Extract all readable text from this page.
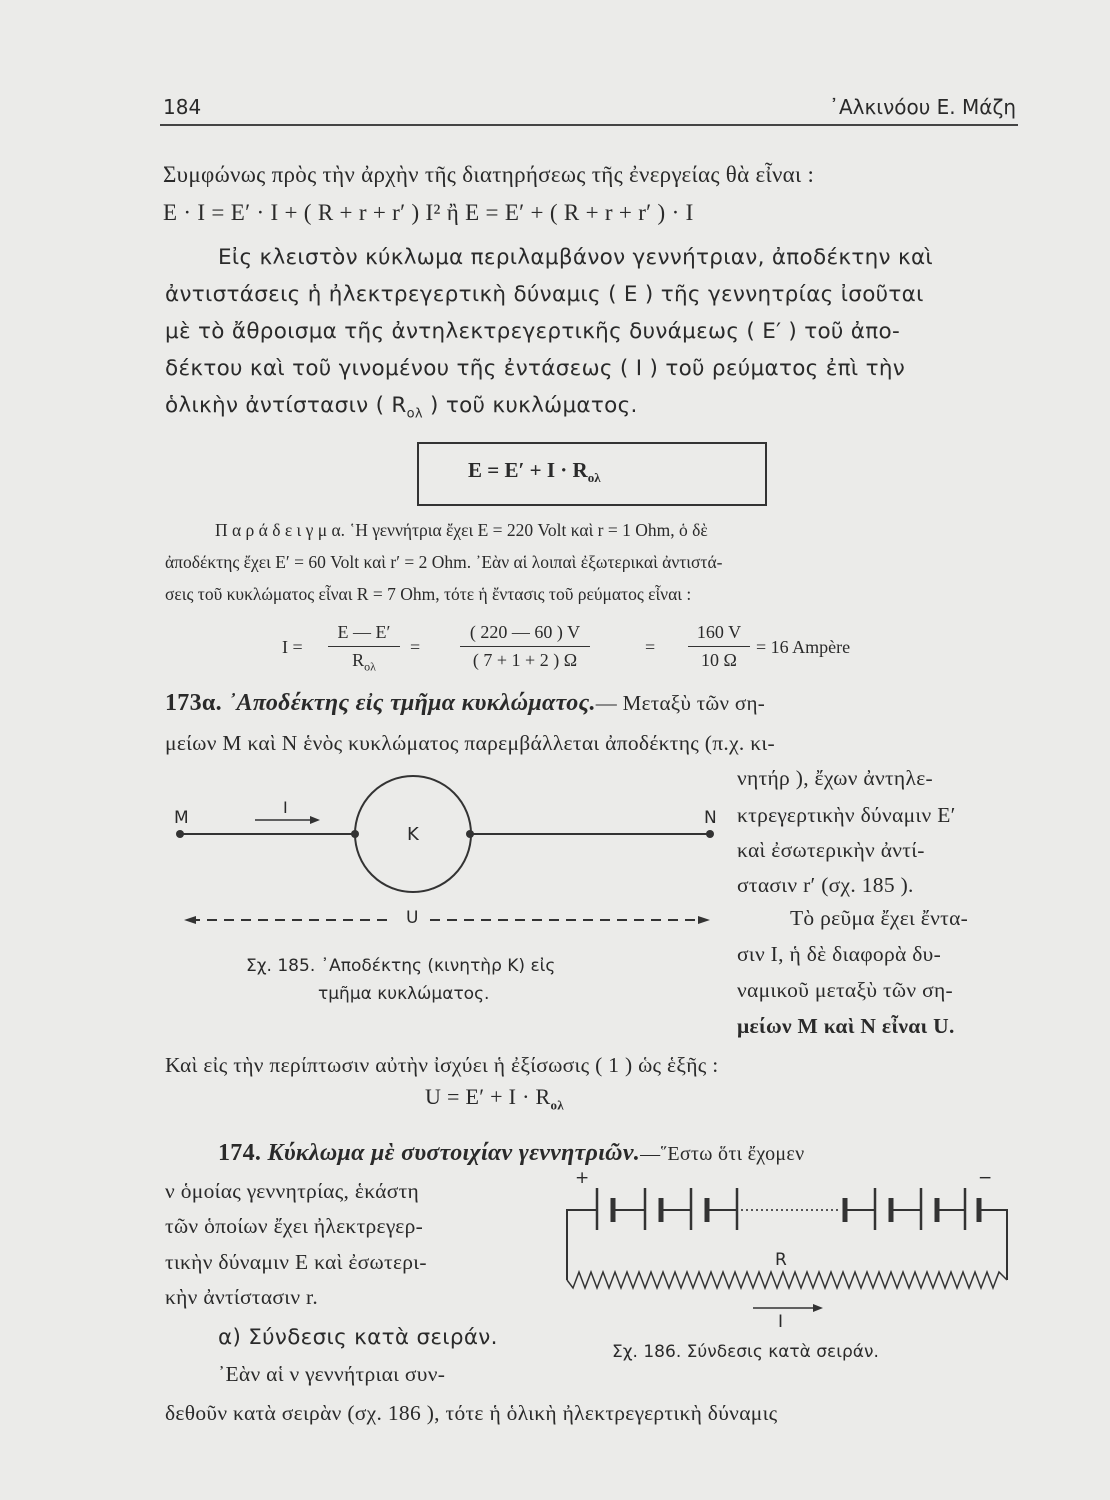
184	᾿Αλκινόου Ε. Μάζη
Συμφώνως πρὸς τὴν ἀρχὴν τῆς διατηρήσεως τῆς ἐνεργείας θὰ εἶναι :
Ε · Ι = Ε′ · Ι + ( R + r + r′ ) Ι² ἢ Ε = Ε′ + ( R + r + r′ ) · Ι
Εἰς κλειστὸν κύκλωμα περιλαμβάνον γεννήτριαν, ἀποδέκτην καὶ
ἀντιστάσεις ἡ ἠλεκτρεγερτικὴ δύναμις ( Ε ) τῆς γεννητρίας ἰσοῦται
μὲ τὸ ἄθροισμα τῆς ἀντηλεκτρεγερτικῆς δυνάμεως ( Ε′ ) τοῦ ἀπο-
δέκτου καὶ τοῦ γινομένου τῆς ἐντάσεως ( Ι ) τοῦ ρεύματος ἐπὶ τὴν
ὁλικὴν ἀντίστασιν ( $R_{o\lambda}$ ) τοῦ κυκλώματος.
$E = E' + I \cdot R_{o\lambda}$
Π α ρ ά δ ε ι γ μ α. ῾Η γεννήτρια ἔχει Ε = 220 Volt καὶ r = 1 Ohm, ὁ δὲ
ἀποδέκτης ἔχει Ε′ = 60 Volt καὶ r′ = 2 Ohm. ᾿Εὰν αἱ λοιπαὶ ἐξωτερικαὶ ἀντιστά-
σεις τοῦ κυκλώματος εἶναι R = 7 Ohm, τότε ἡ ἔντασις τοῦ ρεύματος εἶναι :
Ι =
Ε — Ε′
$R_{o\lambda}$
=
( 220 — 60 ) V
( 7 + 1 + 2 ) Ω
=
160 V
10 Ω
= 16 Ampère
173α. ᾿Αποδέκτης εἰς τμῆμα κυκλώματος.— Μεταξὺ τῶν ση-
μείων Μ καὶ Ν ἑνὸς κυκλώματος παρεμβάλλεται ἀποδέκτης (π.χ. κι-
νητήρ ), ἔχων ἀντηλε-
κτρεγερτικὴν δύναμιν Ε′
καὶ ἐσωτερικὴν ἀντί-
στασιν r′ (σχ. 185 ).
Τὸ ρεῦμα ἔχει ἔντα-
σιν Ι, ἡ δὲ διαφορὰ δυ-
ναμικοῦ μεταξὺ τῶν ση-
μείων Μ καὶ Ν εἶναι U.
M	N
I
K
U
Σχ. 185. ᾿Αποδέκτης (κινητὴρ Κ) εἰς
τμῆμα κυκλώματος.
Καὶ εἰς τὴν περίπτωσιν αὐτὴν ἰσχύει ἡ ἐξίσωσις ( 1 ) ὡς ἑξῆς :
$U = E' + I \cdot R_{o\lambda}$
174. Κύκλωμα μὲ συστοιχίαν γεννητριῶν.—῞Εστω ὅτι ἔχομεν
ν ὁμοίας γεννητρίας, ἑκάστη
τῶν ὁποίων ἔχει ἠλεκτρεγερ-
τικὴν δύναμιν Ε καὶ ἐσωτερι-
κὴν ἀντίστασιν r.
α) Σύνδεσις κατὰ σειράν.
᾿Εὰν αἱ ν γεννήτριαι συν-
δεθοῦν κατὰ σειρὰν (σχ. 186 ), τότε ἡ ὁλικὴ ἠλεκτρεγερτικὴ δύναμις
+	−
R
I
Σχ. 186. Σύνδεσις κατὰ σειράν.
